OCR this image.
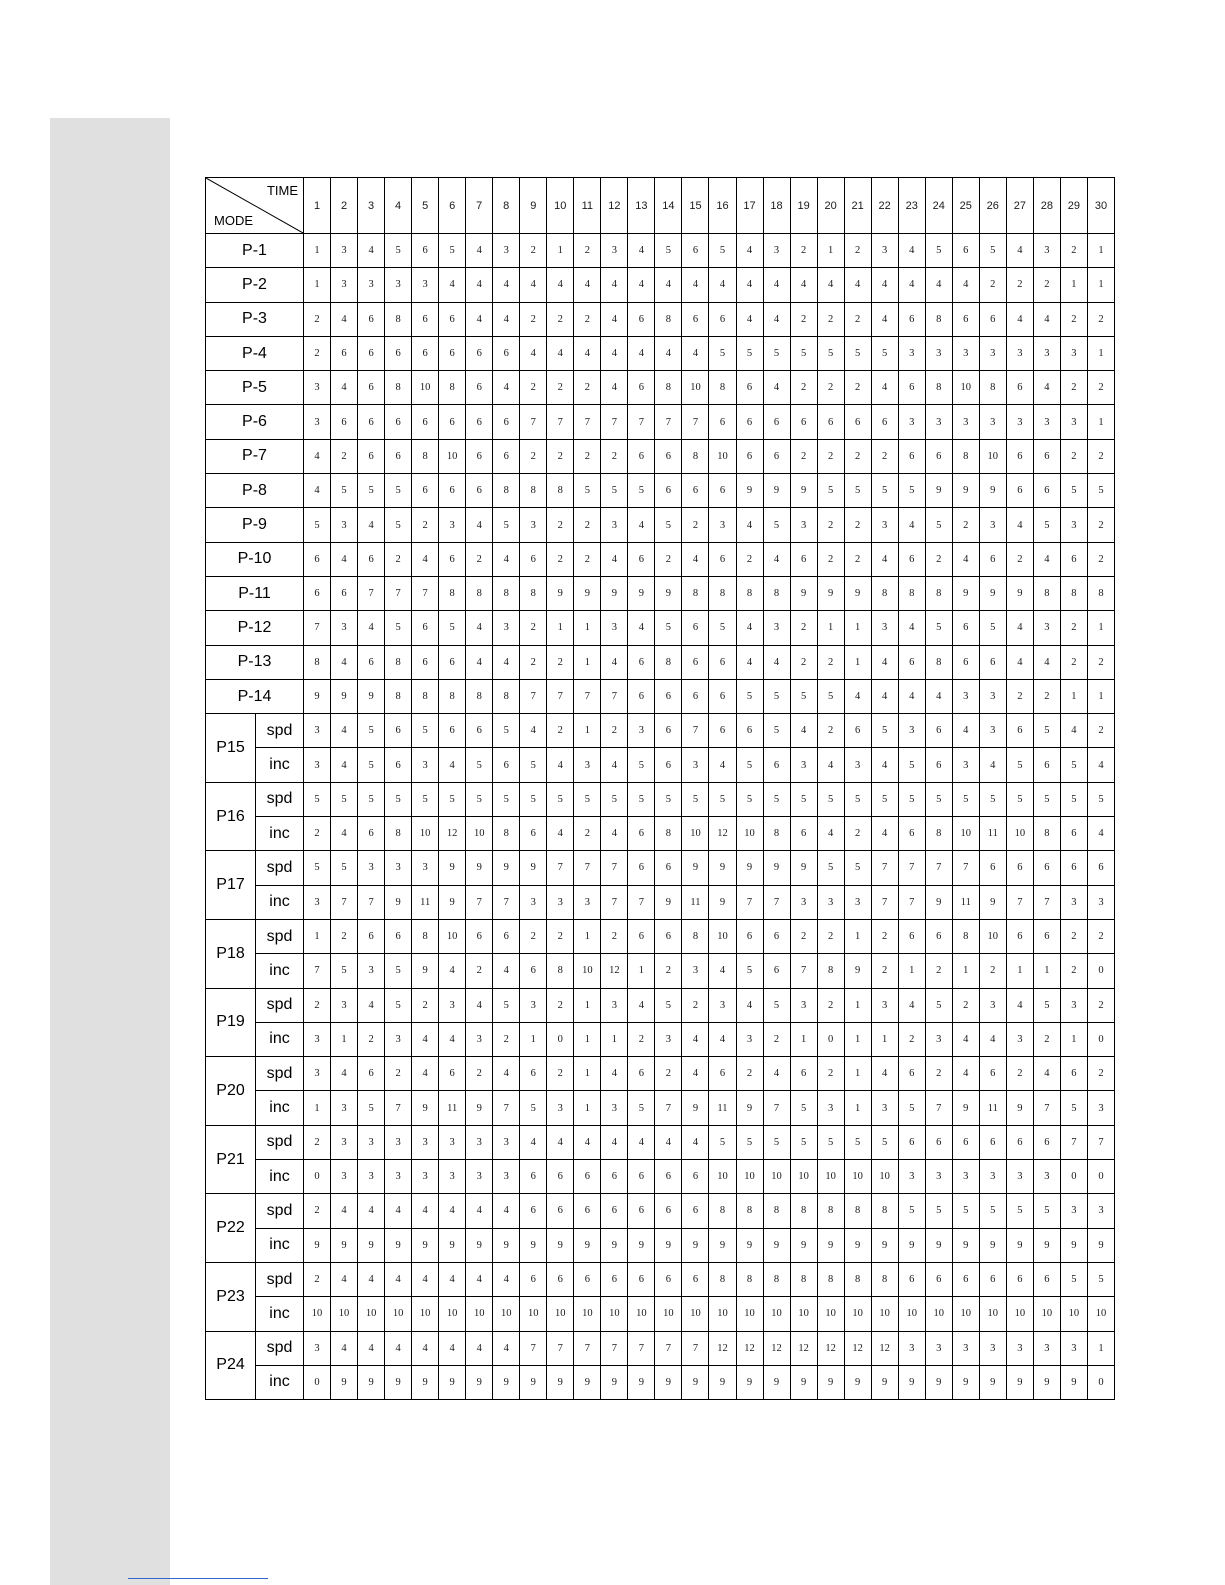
TIME
MODE		1	2	3	4	5	6	7	8	9	10	11	12	13	14	15	16	17	18	19	20	21	22	23	24	25	26	27	28	29	30
P-1		1	3	4	5	6	5	4	3	2	1	2	3	4	5	6	5	4	3	2	1	2	3	4	5	6	5	4	3	2	1
P-2		1	3	3	3	3	4	4	4	4	4	4	4	4	4	4	4	4	4	4	4	4	4	4	4	4	2	2	2	1	1
P-3		2	4	6	8	6	6	4	4	2	2	2	4	6	8	6	6	4	4	2	2	2	4	6	8	6	6	4	4	2	2
P-4		2	6	6	6	6	6	6	6	4	4	4	4	4	4	4	5	5	5	5	5	5	5	3	3	3	3	3	3	3	1
P-5		3	4	6	8	10	8	6	4	2	2	2	4	6	8	10	8	6	4	2	2	2	4	6	8	10	8	6	4	2	2
P-6		3	6	6	6	6	6	6	6	7	7	7	7	7	7	7	6	6	6	6	6	6	6	3	3	3	3	3	3	3	1
P-7		4	2	6	6	8	10	6	6	2	2	2	2	6	6	8	10	6	6	2	2	2	2	6	6	8	10	6	6	2	2
P-8		4	5	5	5	6	6	6	8	8	8	5	5	5	6	6	6	9	9	9	5	5	5	5	9	9	9	6	6	5	5
P-9		5	3	4	5	2	3	4	5	3	2	2	3	4	5	2	3	4	5	3	2	2	3	4	5	2	3	4	5	3	2
P-10		6	4	6	2	4	6	2	4	6	2	2	4	6	2	4	6	2	4	6	2	2	4	6	2	4	6	2	4	6	2
P-11		6	6	7	7	7	8	8	8	8	9	9	9	9	9	8	8	8	8	9	9	9	8	8	8	9	9	9	8	8	8
P-12		7	3	4	5	6	5	4	3	2	1	1	3	4	5	6	5	4	3	2	1	1	3	4	5	6	5	4	3	2	1
P-13		8	4	6	8	6	6	4	4	2	2	1	4	6	8	6	6	4	4	2	2	1	4	6	8	6	6	4	4	2	2
P-14		9	9	9	8	8	8	8	8	7	7	7	7	6	6	6	6	5	5	5	5	4	4	4	4	3	3	2	2	1	1
P15	spd	3	4	5	6	5	6	6	5	4	2	1	2	3	6	7	6	6	5	4	2	6	5	3	6	4	3	6	5	4	2
	inc	3	4	5	6	3	4	5	6	5	4	3	4	5	6	3	4	5	6	3	4	3	4	5	6	3	4	5	6	5	4
P16	spd	5	5	5	5	5	5	5	5	5	5	5	5	5	5	5	5	5	5	5	5	5	5	5	5	5	5	5	5	5	5
	inc	2	4	6	8	10	12	10	8	6	4	2	4	6	8	10	12	10	8	6	4	2	4	6	8	10	11	10	8	6	4
P17	spd	5	5	3	3	3	9	9	9	9	7	7	7	6	6	9	9	9	9	9	5	5	7	7	7	7	6	6	6	6	6
	inc	3	7	7	9	11	9	7	7	3	3	3	7	7	9	11	9	7	7	3	3	3	7	7	9	11	9	7	7	3	3
P18	spd	1	2	6	6	8	10	6	6	2	2	1	2	6	6	8	10	6	6	2	2	1	2	6	6	8	10	6	6	2	2
	inc	7	5	3	5	9	4	2	4	6	8	10	12	1	2	3	4	5	6	7	8	9	2	1	2	1	2	1	1	2	0
P19	spd	2	3	4	5	2	3	4	5	3	2	1	3	4	5	2	3	4	5	3	2	1	3	4	5	2	3	4	5	3	2
	inc	3	1	2	3	4	4	3	2	1	0	1	1	2	3	4	4	3	2	1	0	1	1	2	3	4	4	3	2	1	0
P20	spd	3	4	6	2	4	6	2	4	6	2	1	4	6	2	4	6	2	4	6	2	1	4	6	2	4	6	2	4	6	2
	inc	1	3	5	7	9	11	9	7	5	3	1	3	5	7	9	11	9	7	5	3	1	3	5	7	9	11	9	7	5	3
P21	spd	2	3	3	3	3	3	3	3	4	4	4	4	4	4	4	5	5	5	5	5	5	5	6	6	6	6	6	6	7	7
	inc	0	3	3	3	3	3	3	3	6	6	6	6	6	6	6	10	10	10	10	10	10	10	3	3	3	3	3	3	0	0
P22	spd	2	4	4	4	4	4	4	4	6	6	6	6	6	6	6	8	8	8	8	8	8	8	5	5	5	5	5	5	3	3
	inc	9	9	9	9	9	9	9	9	9	9	9	9	9	9	9	9	9	9	9	9	9	9	9	9	9	9	9	9	9	9
P23	spd	2	4	4	4	4	4	4	4	6	6	6	6	6	6	6	8	8	8	8	8	8	8	6	6	6	6	6	6	5	5
	inc	10	10	10	10	10	10	10	10	10	10	10	10	10	10	10	10	10	10	10	10	10	10	10	10	10	10	10	10	10	10
P24	spd	3	4	4	4	4	4	4	4	7	7	7	7	7	7	7	12	12	12	12	12	12	12	3	3	3	3	3	3	3	1
	inc	0	9	9	9	9	9	9	9	9	9	9	9	9	9	9	9	9	9	9	9	9	9	9	9	9	9	9	9	9	0
